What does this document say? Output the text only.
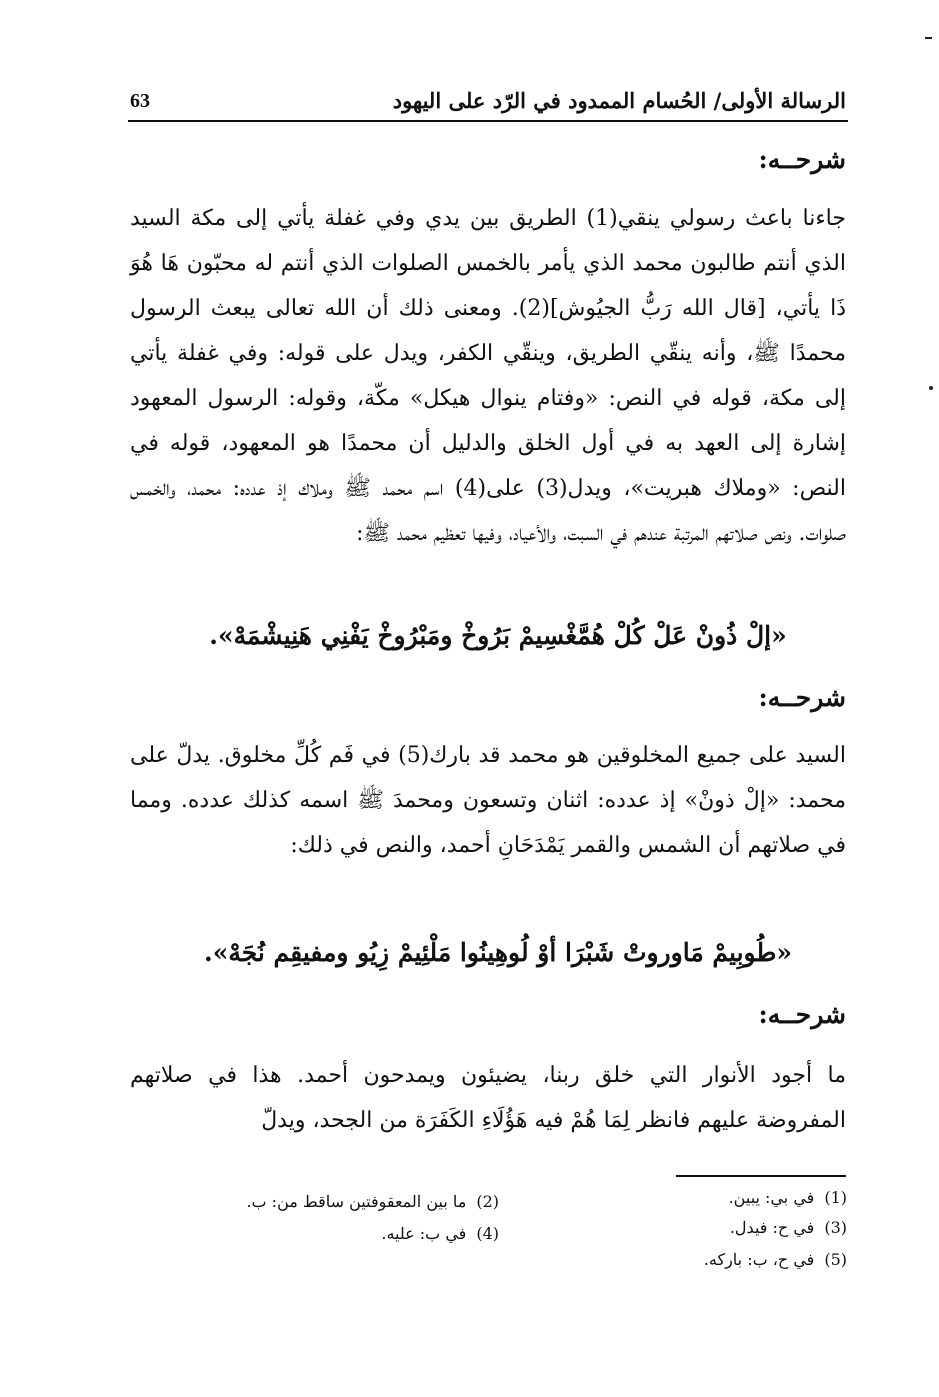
الرسالة الأولى/ الحُسام الممدود في الرّد على اليهود
63
شرحــه:

جاءنا باعث رسولي ينقي(1) الطريق بين يدي وفي غفلة يأتي إلى مكة السيد الذي أنتم طالبون محمد الذي يأمر بالخمس الصلوات الذي أنتم له محبّون هَا هُوَ ذَا يأتي، [قال الله رَبُّ الجيُوش](2). ومعنى ذلك أن الله تعالى يبعث الرسول محمدًا ﷺ، وأنه ينقّي الطريق، وينقّي الكفر، ويدل على قوله: وفي غفلة يأتي إلى مكة، قوله في النص: «وفتام ينوال هيكل» مكّة، وقوله: الرسول المعهود إشارة إلى العهد به في أول الخلق والدليل أن محمدًا هو المعهود، قوله في النص: «وملاك هبريت»، ويدل(3) على(4) اسم محمد ﷺ وملاك إذ عدده: محمد، والخمس صلوات. ونص صلاتهم المرتبة عندهم في السبت، والأعياد، وفيها تعظيم محمد ﷺ:

«إلْ ذُونْ عَلْ كُلْ هُمَّغْسِيمْ بَرُوخْ ومَبْرُوخْ يَفْنِي هَنِيشْمَهْ».
شرحــه:

السيد على جميع المخلوقين هو محمد قد بارك(5) في فَم كُلِّ مخلوق. يدلّ على محمد: «إلْ ذونْ» إذ عدده: اثنان وتسعون ومحمدَ ﷺ اسمه كذلك عدده. ومما في صلاتهم أن الشمس والقمر يَمْدَحَانِ أحمد، والنص في ذلك:

«طُوبِيمْ مَاوروتْ شَبْرَا أوْ لُوهِينُوا مَلْئِيمْ زِيُو ومفيقِم نُجَهْ».
شرحــه:

ما أجود الأنوار التي خلق ربنا، يضيئون ويمدحون أحمد. هذا في صلاتهم المفروضة عليهم فانظر لِمَا هُمْ فيه هَؤُلَاءِ الكَفَرَة من الجحد، ويدلّ

(1)في بي: يبين.
(2)ما بين المعقوفتين ساقط من: ب.
(3)في ح: فيدل.
(4)في ب: عليه.
(5)في ح، ب: باركه.
